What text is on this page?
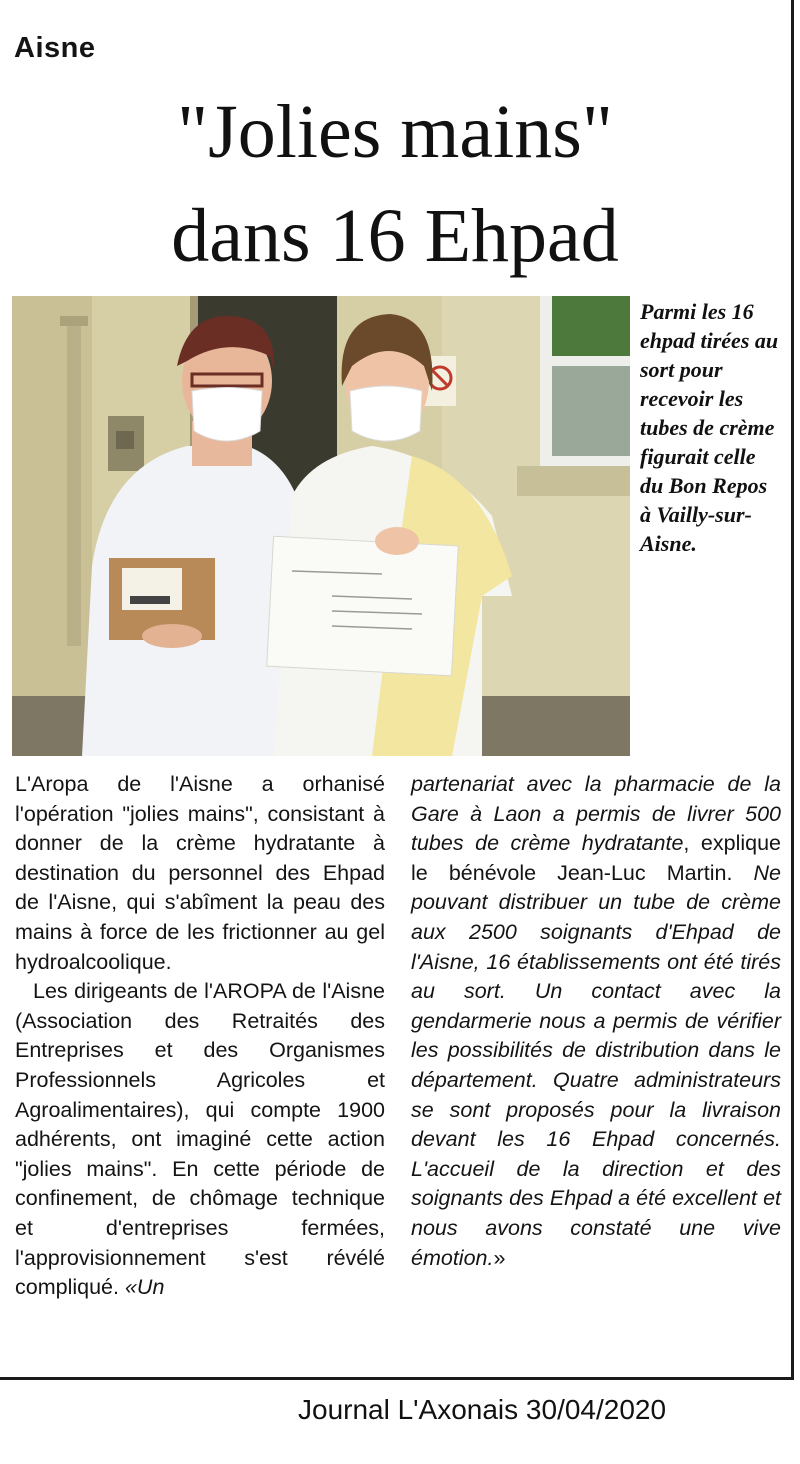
Aisne
"Jolies mains"
dans 16 Ehpad
Parmi les 16 ehpad tirées au sort pour recevoir les tubes de crème figurait celle du Bon Repos à Vailly-sur-Aisne.

L'Aropa de l'Aisne a orhanisé l'opération "jolies mains", consistant à donner de la crème hydratante à destination du personnel des Ehpad de l'Aisne, qui s'abîment la peau des mains à force de les frictionner au gel hydroalcoolique.

Les dirigeants de l'AROPA de l'Aisne (Association des Retraités des Entreprises et des Organismes Professionnels Agricoles et Agroalimentaires), qui compte 1900 adhérents, ont imaginé cette action "jolies mains". En cette période de confinement, de chômage technique et d'entreprises fermées, l'approvisionnement s'est révélé compliqué. «Un

partenariat avec la pharmacie de la Gare à Laon a permis de livrer 500 tubes de crème hydratante, explique le bénévole Jean-Luc Martin. Ne pouvant distribuer un tube de crème aux 2500 soignants d'Ehpad de l'Aisne, 16 établissements ont été tirés au sort. Un contact avec la gendarmerie nous a permis de vérifier les possibilités de distribution dans le département. Quatre administrateurs se sont proposés pour la livraison devant les 16 Ehpad concernés. L'accueil de la direction et des soignants des Ehpad a été excellent et nous avons constaté une vive émotion.»

Journal L'Axonais 30/04/2020
